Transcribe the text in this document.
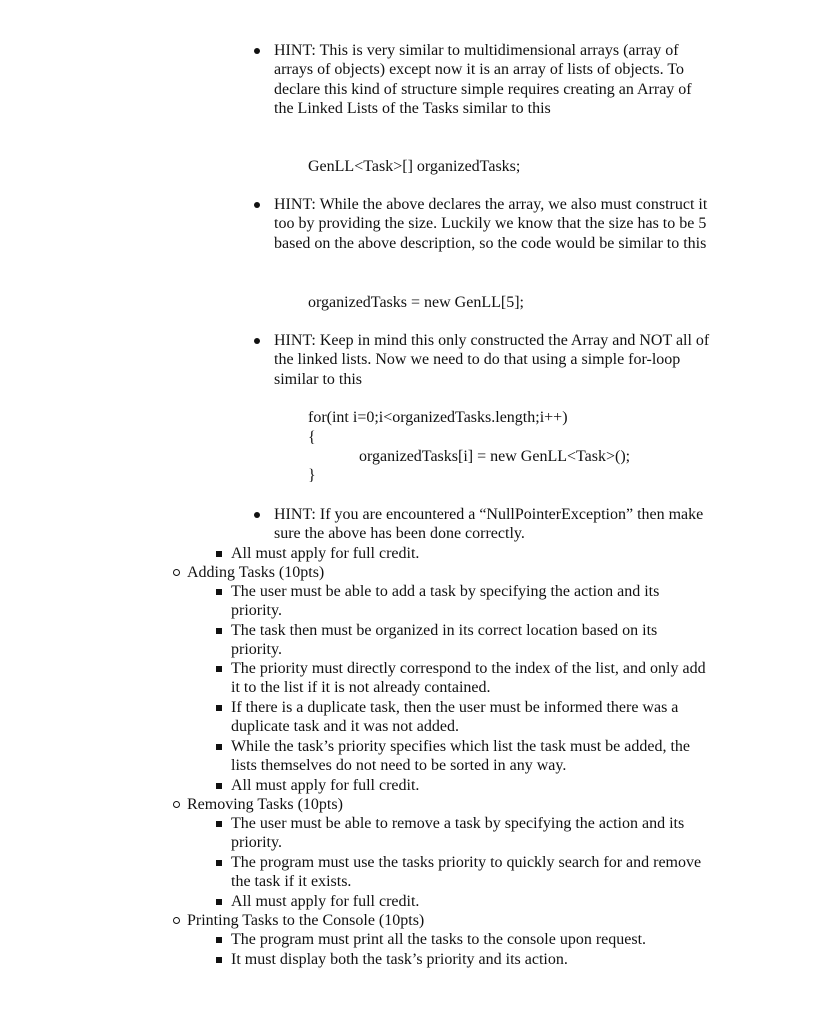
HINT: This is very similar to multidimensional arrays (array of arrays of objects) except now it is an array of lists of objects. To declare this kind of structure simple requires creating an Array of the Linked Lists of the Tasks similar to this
GenLL<Task>[] organizedTasks;
HINT: While the above declares the array, we also must construct it too by providing the size. Luckily we know that the size has to be 5 based on the above description, so the code would be similar to this
organizedTasks = new GenLL[5];
HINT: Keep in mind this only constructed the Array and NOT all of the linked lists. Now we need to do that using a simple for-loop similar to this
for(int i=0;i<organizedTasks.length;i++)
{
organizedTasks[i] = new GenLL<Task>();
}
HINT: If you are encountered a “NullPointerException” then make sure the above has been done correctly.
All must apply for full credit.
Adding Tasks (10pts)
The user must be able to add a task by specifying the action and its priority.
The task then must be organized in its correct location based on its priority.
The priority must directly correspond to the index of the list, and only add it to the list if it is not already contained.
If there is a duplicate task, then the user must be informed there was a duplicate task and it was not added.
While the task’s priority specifies which list the task must be added, the lists themselves do not need to be sorted in any way.
All must apply for full credit.
Removing Tasks (10pts)
The user must be able to remove a task by specifying the action and its priority.
The program must use the tasks priority to quickly search for and remove the task if it exists.
All must apply for full credit.
Printing Tasks to the Console (10pts)
The program must print all the tasks to the console upon request.
It must display both the task’s priority and its action.
